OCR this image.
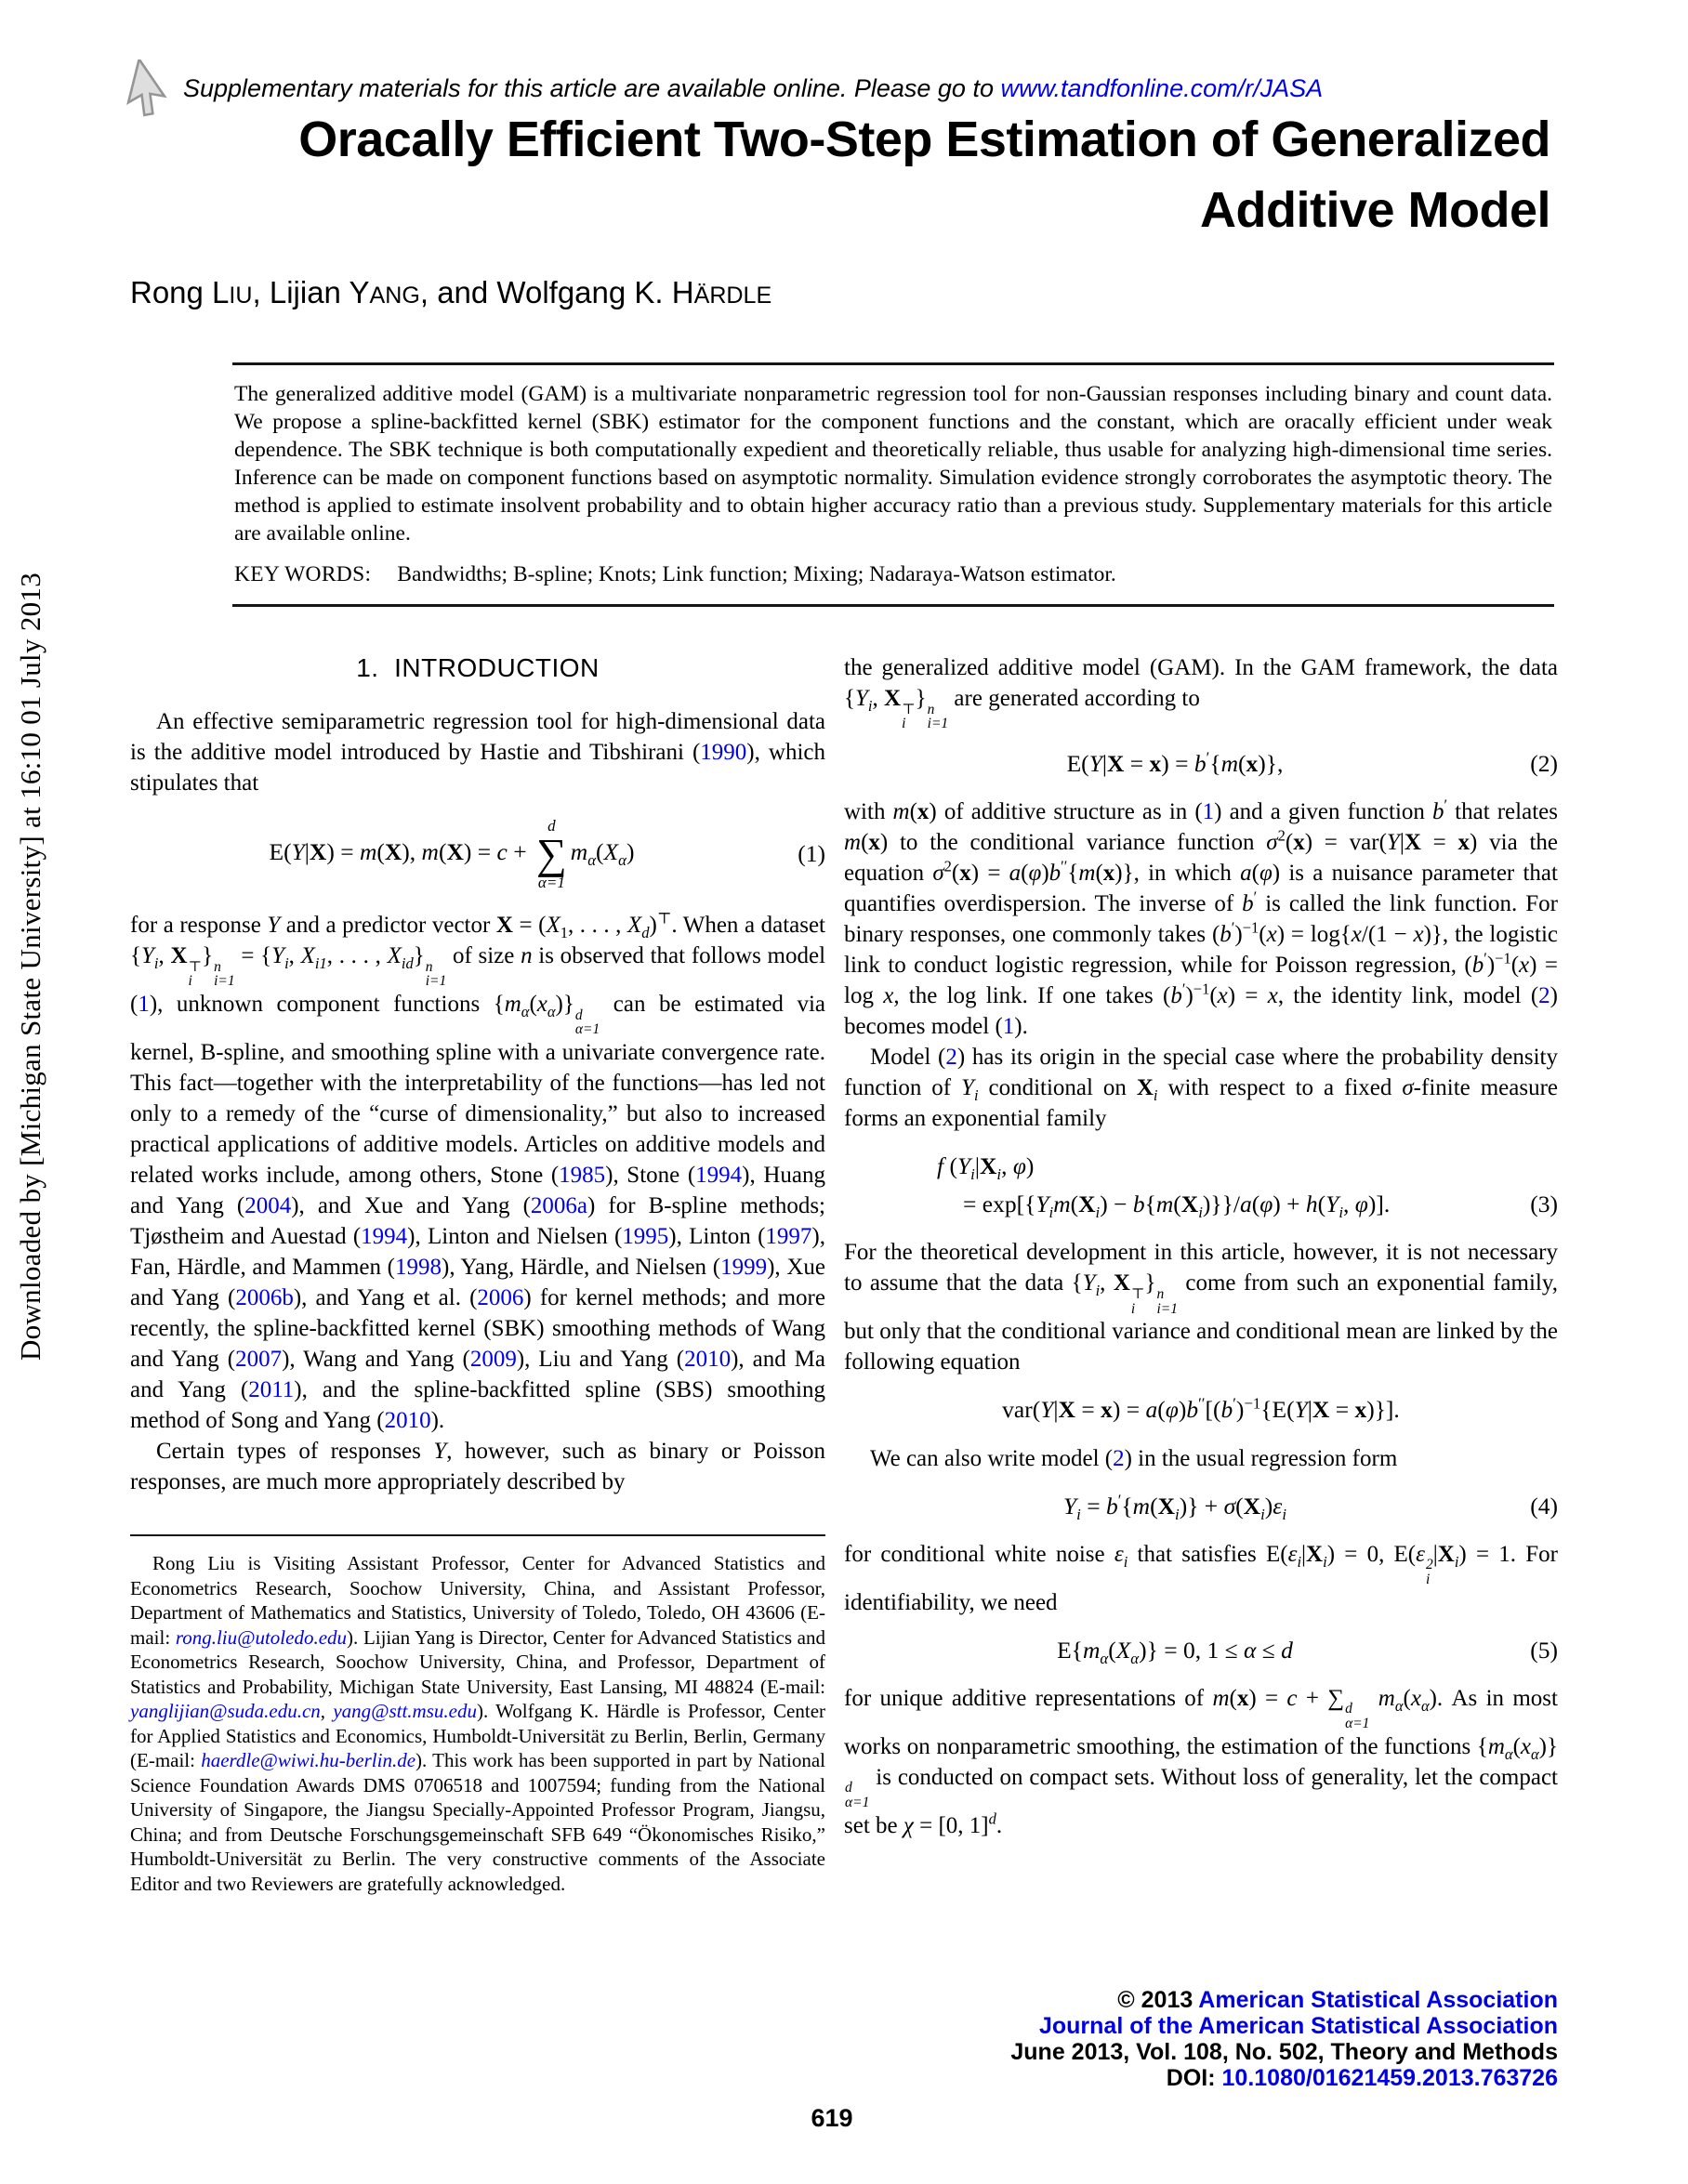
Downloaded by [Michigan State University] at 16:10 01 July 2013
Supplementary materials for this article are available online. Please go to www.tandfonline.com/r/JASA
Oracally Efficient Two-Step Estimation of Generalized
Additive Model
Rong LIU, Lijian YANG, and Wolfgang K. HÄRDLE
The generalized additive model (GAM) is a multivariate nonparametric regression tool for non-Gaussian responses including binary and count data. We propose a spline-backfitted kernel (SBK) estimator for the component functions and the constant, which are oracally efficient under weak dependence. The SBK technique is both computationally expedient and theoretically reliable, thus usable for analyzing high-dimensional time series. Inference can be made on component functions based on asymptotic normality. Simulation evidence strongly corroborates the asymptotic theory. The method is applied to estimate insolvent probability and to obtain higher accuracy ratio than a previous study. Supplementary materials for this article are available online.
KEY WORDS: Bandwidths; B-spline; Knots; Link function; Mixing; Nadaraya-Watson estimator.
1.  INTRODUCTION

An effective semiparametric regression tool for high-dimensional data is the additive model introduced by Hastie and Tibshirani (1990), which stipulates that

E(Y|X) = m(X), m(X) = c +
d
∑
α=1
$m_\alpha(X_\alpha)$	(1)

for a response Y and a predictor vector $X = (X_1$, . . . , $X_d)^⊤$. When a dataset {$Y_i$, X ⊤
i
} n
i=1
= {$Y_i$, $X_{i1}$, . . . , $X_{id}$} n
i=1
of size n is observed that follows model (1), unknown component functions $\{m_\alpha(x_\alpha)\}$ d
α=1
can be estimated via kernel, B-spline, and smoothing spline with a univariate convergence rate. This fact—together with the interpretability of the functions—has led not only to a remedy of the “curse of dimensionality,” but also to increased practical applications of additive models. Articles on additive models and related works include, among others, Stone (1985), Stone (1994), Huang and Yang (2004), and Xue and Yang (2006a) for B-spline methods; Tjøstheim and Auestad (1994), Linton and Nielsen (1995), Linton (1997), Fan, Härdle, and Mammen (1998), Yang, Härdle, and Nielsen (1999), Xue and Yang (2006b), and Yang et al. (2006) for kernel methods; and more recently, the spline-backfitted kernel (SBK) smoothing methods of Wang and Yang (2007), Wang and Yang (2009), Liu and Yang (2010), and Ma and Yang (2011), and the spline-backfitted spline (SBS) smoothing method of Song and Yang (2010).

Certain types of responses Y, however, such as binary or Poisson responses, are much more appropriately described by

Rong Liu is Visiting Assistant Professor, Center for Advanced Statistics and Econometrics Research, Soochow University, China, and Assistant Professor, Department of Mathematics and Statistics, University of Toledo, Toledo, OH 43606 (E-mail: rong.liu@utoledo.edu). Lijian Yang is Director, Center for Advanced Statistics and Econometrics Research, Soochow University, China, and Professor, Department of Statistics and Probability, Michigan State University, East Lansing, MI 48824 (E-mail: yanglijian@suda.edu.cn, yang@stt.msu.edu). Wolfgang K. Härdle is Professor, Center for Applied Statistics and Economics, Humboldt-Universität zu Berlin, Berlin, Germany (E-mail: haerdle@wiwi.hu-berlin.de). This work has been supported in part by National Science Foundation Awards DMS 0706518 and 1007594; funding from the National University of Singapore, the Jiangsu Specially-Appointed Professor Program, Jiangsu, China; and from Deutsche Forschungsgemeinschaft SFB 649 “Ökonomisches Risiko,” Humboldt-Universität zu Berlin. The very constructive comments of the Associate Editor and two Reviewers are gratefully acknowledged.

the generalized additive model (GAM). In the GAM framework, the data {$Y_i$, X ⊤
i
} n
i=1
are generated according to

E(Y|X = x) = b′{m(x)},	(2)

with m(x) of additive structure as in (1) and a given function b′ that relates m(x) to the conditional variance function $\sigma^2(x) = var(Y|X = x)$ via the equation $\sigma^2(x) = a(\varphi)b''\{m(x)\}$, in which a(φ) is a nuisance parameter that quantifies overdispersion. The inverse of b′ is called the link function. For binary responses, one commonly takes $(b')^{-1}(x) = \log\{x/(1 - x)\}$, the logistic link to conduct logistic regression, while for Poisson regression, $(b')^{-1}(x) = \log x$, the log link. If one takes $(b')^{-1}(x) = x$, the identity link, model (2) becomes model (1).

Model (2) has its origin in the special case where the probability density function of $Y_i$ conditional on $X_i$ with respect to a fixed σ-finite measure forms an exponential family

f ($Y_i|X_i$, φ)
= $\exp[\{Y_im(X_i) - b\{m(X_i)\}\}/a(\varphi) + h(Y_i$, φ)].	(3)

For the theoretical development in this article, however, it is not necessary to assume that the data {$Y_i$, X ⊤
i
} n
i=1
come from such an exponential family, but only that the conditional variance and conditional mean are linked by the following equation

$var(Y|X = x) = a(\varphi)b''[(b')^{-1}\{E(Y|X = x)\}]$.

We can also write model (2) in the usual regression form

$Y_i = b'\{m(X_i)\} + \sigma(X_i)\varepsilon_i$	(4)

for conditional white noise $\varepsilon_i$ that satisfies $E(\varepsilon_i|X_i) = 0$, E(ε 2
i
$|X_i) = 1$. For identifiability, we need

$E\{m_\alpha(X_\alpha)\} = 0$, 1 ≤ α ≤ d	(5)

for unique additive representations of m(x) = c + ∑ d
α=1
$m_\alpha(x_\alpha)$. As in most works on nonparametric smoothing, the estimation of the functions $\{m_\alpha(x_\alpha)\}$
d
α=1
is conducted on compact sets. Without loss of generality, let the compact set be χ = [0, 1]$^d$.

© 2013 American Statistical Association
Journal of the American Statistical Association
June 2013, Vol. 108, No. 502, Theory and Methods
DOI: 10.1080/01621459.2013.763726
619
